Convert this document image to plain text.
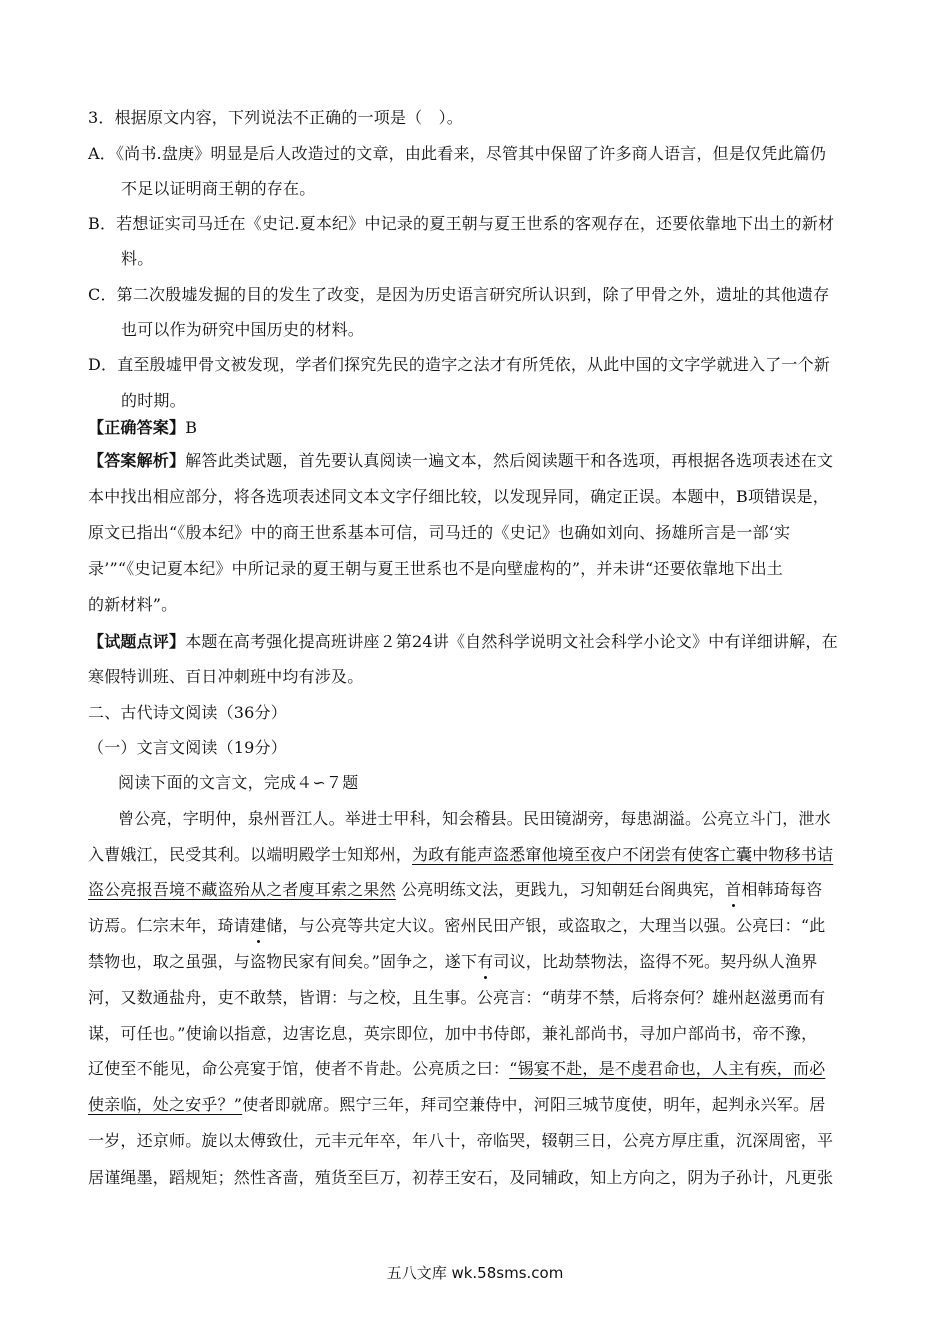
3．根据原文内容，下列说法不正确的一项是（　）。
A．《尚书.盘庚》明显是后人改造过的文章，由此看来，尽管其中保留了许多商人语言，但是仅凭此篇仍
不足以证明商王朝的存在。
B．若想证实司马迁在《史记.夏本纪》中记录的夏王朝与夏王世系的客观存在，还要依靠地下出土的新材
料。
C．第二次殷墟发掘的目的发生了改变，是因为历史语言研究所认识到，除了甲骨之外，遗址的其他遗存
也可以作为研究中国历史的材料。
D．直至殷墟甲骨文被发现，学者们探究先民的造字之法才有所凭依，从此中国的文字学就进入了一个新
的时期。
【正确答案】B
【答案解析】解答此类试题，首先要认真阅读一遍文本，然后阅读题干和各选项，再根据各选项表述在文
本中找出相应部分，将各选项表述同文本文字仔细比较，以发现异同，确定正误。本题中，B项错误是，
原文已指出“《殷本纪》中的商王世系基本可信，司马迁的《史记》也确如刘向、扬雄所言是一部‘实
录’”“《史记夏本纪》中所记录的夏王朝与夏王世系也不是向壁虚构的”，并未讲“还要依靠地下出土
的新材料”。
【试题点评】本题在高考强化提高班讲座２第24讲《自然科学说明文社会科学小论文》中有详细讲解，在
寒假特训班、百日冲刺班中均有涉及。
二、古代诗文阅读（36分）
（一）文言文阅读（19分）
阅读下面的文言文，完成４∽７题
曾公亮，字明仲，泉州晋江人。举进士甲科，知会稽县。民田镜湖旁，每患湖溢。公亮立斗门，泄水
入曹娥江，民受其利。以端明殿学士知郑州，为政有能声盗悉窜他境至夜户不闭尝有使客亡囊中物移书诘
盗公亮报吾境不藏盗殆从之者廋耳索之果然 公亮明练文法，更践九，习知朝廷台阁典宪，首相韩琦每咨
访焉。仁宗末年，琦请建储，与公亮等共定大议。密州民田产银，或盗取之，大理当以强。公亮曰：“此
禁物也，取之虽强，与盗物民家有间矣。”固争之，遂下有司议，比劫禁物法，盗得不死。契丹纵人渔界
河，又数通盐舟，吏不敢禁，皆谓：与之校，且生事。公亮言：“萌芽不禁，后将奈何？雄州赵滋勇而有
谋，可任也。”使谕以指意，边害讫息，英宗即位，加中书侍郎，兼礼部尚书，寻加户部尚书，帝不豫，
辽使至不能见，命公亮宴于馆，使者不肯赴。公亮质之曰：“锡宴不赴，是不虔君命也，人主有疾，而必
使亲临，处之安乎？”使者即就席。熙宁三年，拜司空兼侍中，河阳三城节度使，明年，起判永兴军。居
一岁，还京师。旋以太傅致仕，元丰元年卒，年八十，帝临哭，辍朝三日，公亮方厚庄重，沉深周密，平
居谨绳墨，蹈规矩；然性吝啬，殖货至巨万，初荐王安石，及同辅政，知上方向之，阴为子孙计，凡更张
五八文库 wk.58sms.com
